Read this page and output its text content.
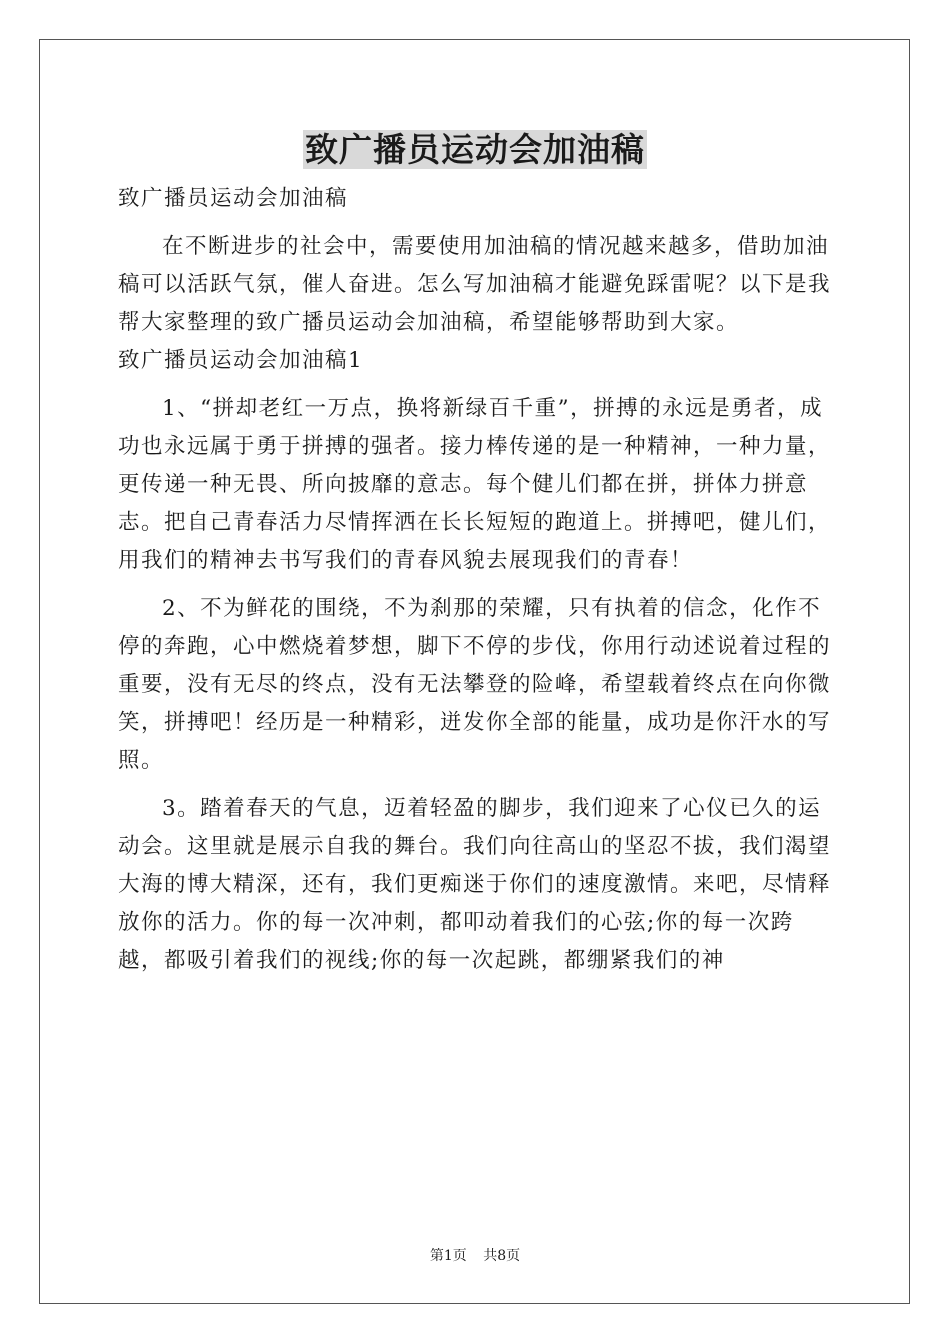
致广播员运动会加油稿

致广播员运动会加油稿

在不断进步的社会中，需要使用加油稿的情况越来越多，借助加油稿可以活跃气氛，催人奋进。怎么写加油稿才能避免踩雷呢？以下是我帮大家整理的致广播员运动会加油稿，希望能够帮助到大家。

致广播员运动会加油稿1

1、“拼却老红一万点，换将新绿百千重”，拼搏的永远是勇者，成功也永远属于勇于拼搏的强者。接力棒传递的是一种精神，一种力量，更传递一种无畏、所向披靡的意志。每个健儿们都在拼，拼体力拼意志。把自己青春活力尽情挥洒在长长短短的跑道上。拼搏吧，健儿们，用我们的精神去书写我们的青春风貌去展现我们的青春！

2、不为鲜花的围绕，不为刹那的荣耀，只有执着的信念，化作不停的奔跑，心中燃烧着梦想，脚下不停的步伐，你用行动述说着过程的重要，没有无尽的终点，没有无法攀登的险峰，希望载着终点在向你微笑，拼搏吧！经历是一种精彩，迸发你全部的能量，成功是你汗水的写照。

3。踏着春天的气息，迈着轻盈的脚步，我们迎来了心仪已久的运动会。这里就是展示自我的舞台。我们向往高山的坚忍不拔，我们渴望大海的博大精深，还有，我们更痴迷于你们的速度激情。来吧，尽情释放你的活力。你的每一次冲刺，都叩动着我们的心弦;你的每一次跨越，都吸引着我们的视线;你的每一次起跳，都绷紧我们的神

第1页 共8页
